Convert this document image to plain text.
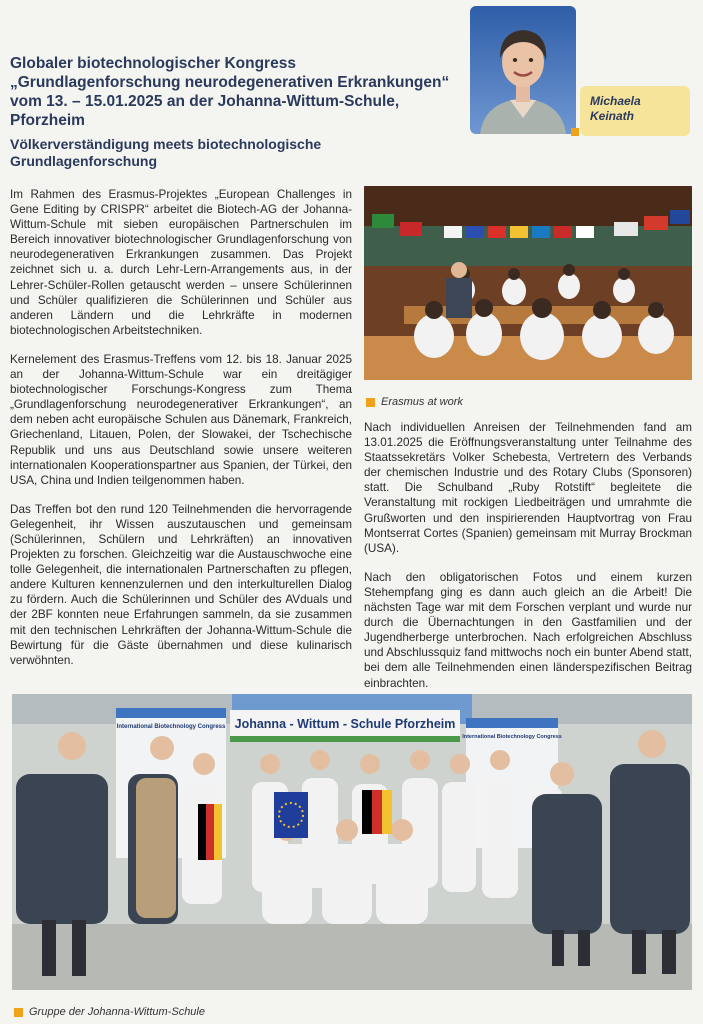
Globaler biotechnologischer Kongress
„Grundlagenforschung neurodegenerativen Erkrankungen“
vom 13. – 15.01.2025 an der Johanna-Wittum-Schule,
Pforzheim
Völkerverständigung meets biotechnologische Grundlagenforschung
Michaela
Keinath

Im Rahmen des Erasmus-Projektes „European Challenges in Gene Editing by CRISPR“ arbeitet die Biotech-AG der Johanna-Wittum-Schule mit sieben europäischen Partnerschulen im Bereich innovativer biotechnologischer Grundlagenforschung von neurodegenerativen Erkrankungen zusammen. Das Projekt zeichnet sich u. a. durch Lehr-Lern-Arrangements aus, in der Lehrer-Schüler-Rollen getauscht werden – unsere Schülerinnen und Schüler qualifizieren die Schülerinnen und Schüler aus anderen Ländern und die Lehrkräfte in modernen biotechnologischen Arbeitstechniken.

Kernelement des Erasmus-Treffens vom 12. bis 18. Januar 2025 an der Johanna-Wittum-Schule war ein dreitägiger biotechnologischer Forschungs-Kongress zum Thema „Grundlagenforschung neurodegenerativer Erkrankungen“, an dem neben acht europäische Schulen aus Dänemark, Frankreich, Griechenland, Litauen, Polen, der Slowakei, der Tschechische Republik und uns aus Deutschland sowie unsere weiteren internationalen Kooperationspartner aus Spanien, der Türkei, den USA, China und Indien teilgenommen haben.

Das Treffen bot den rund 120 Teilnehmenden die hervorragende Gelegenheit, ihr Wissen auszutauschen und gemeinsam (Schülerinnen, Schülern und Lehrkräften) an innovativen Projekten zu forschen. Gleichzeitig war die Austauschwoche eine tolle Gelegenheit, die internationalen Partnerschaften zu pflegen, andere Kulturen kennenzulernen und den interkulturellen Dialog zu fördern. Auch die Schülerinnen und Schüler des AVduals und der 2BF konnten neue Erfahrungen sammeln, da sie zusammen mit den technischen Lehrkräften der Johanna-Wittum-Schule die Bewirtung für die Gäste übernahmen und diese kulinarisch verwöhnten.

Erasmus at work

Nach individuellen Anreisen der Teilnehmenden fand am 13.01.2025 die Eröffnungsveranstaltung unter Teilnahme des Staatssekretärs Volker Schebesta, Vertretern des Verbands der chemischen Industrie und des Rotary Clubs (Sponsoren) statt. Die Schulband „Ruby Rotstift“ begleitete die Veranstaltung mit rockigen Liedbeiträgen und umrahmte die Grußworten und den inspirierenden Hauptvortrag von Frau Montserrat Cortes (Spanien) gemeinsam mit Murray Brockman (USA).

Nach den obligatorischen Fotos und einem kurzen Stehempfang ging es dann auch gleich an die Arbeit! Die nächsten Tage war mit dem Forschen verplant und wurde nur durch die Übernachtungen in den Gastfamilien und der Jugendherberge unterbrochen. Nach erfolgreichen Abschluss und Abschlussquiz fand mittwochs noch ein bunter Abend statt, bei dem alle Teilnehmenden einen länderspezifischen Beitrag einbrachten.

Johanna - Wittum - Schule Pforzheim
International Biotechnology Congress
International Biotechnology Congress
Gruppe der Johanna-Wittum-Schule
